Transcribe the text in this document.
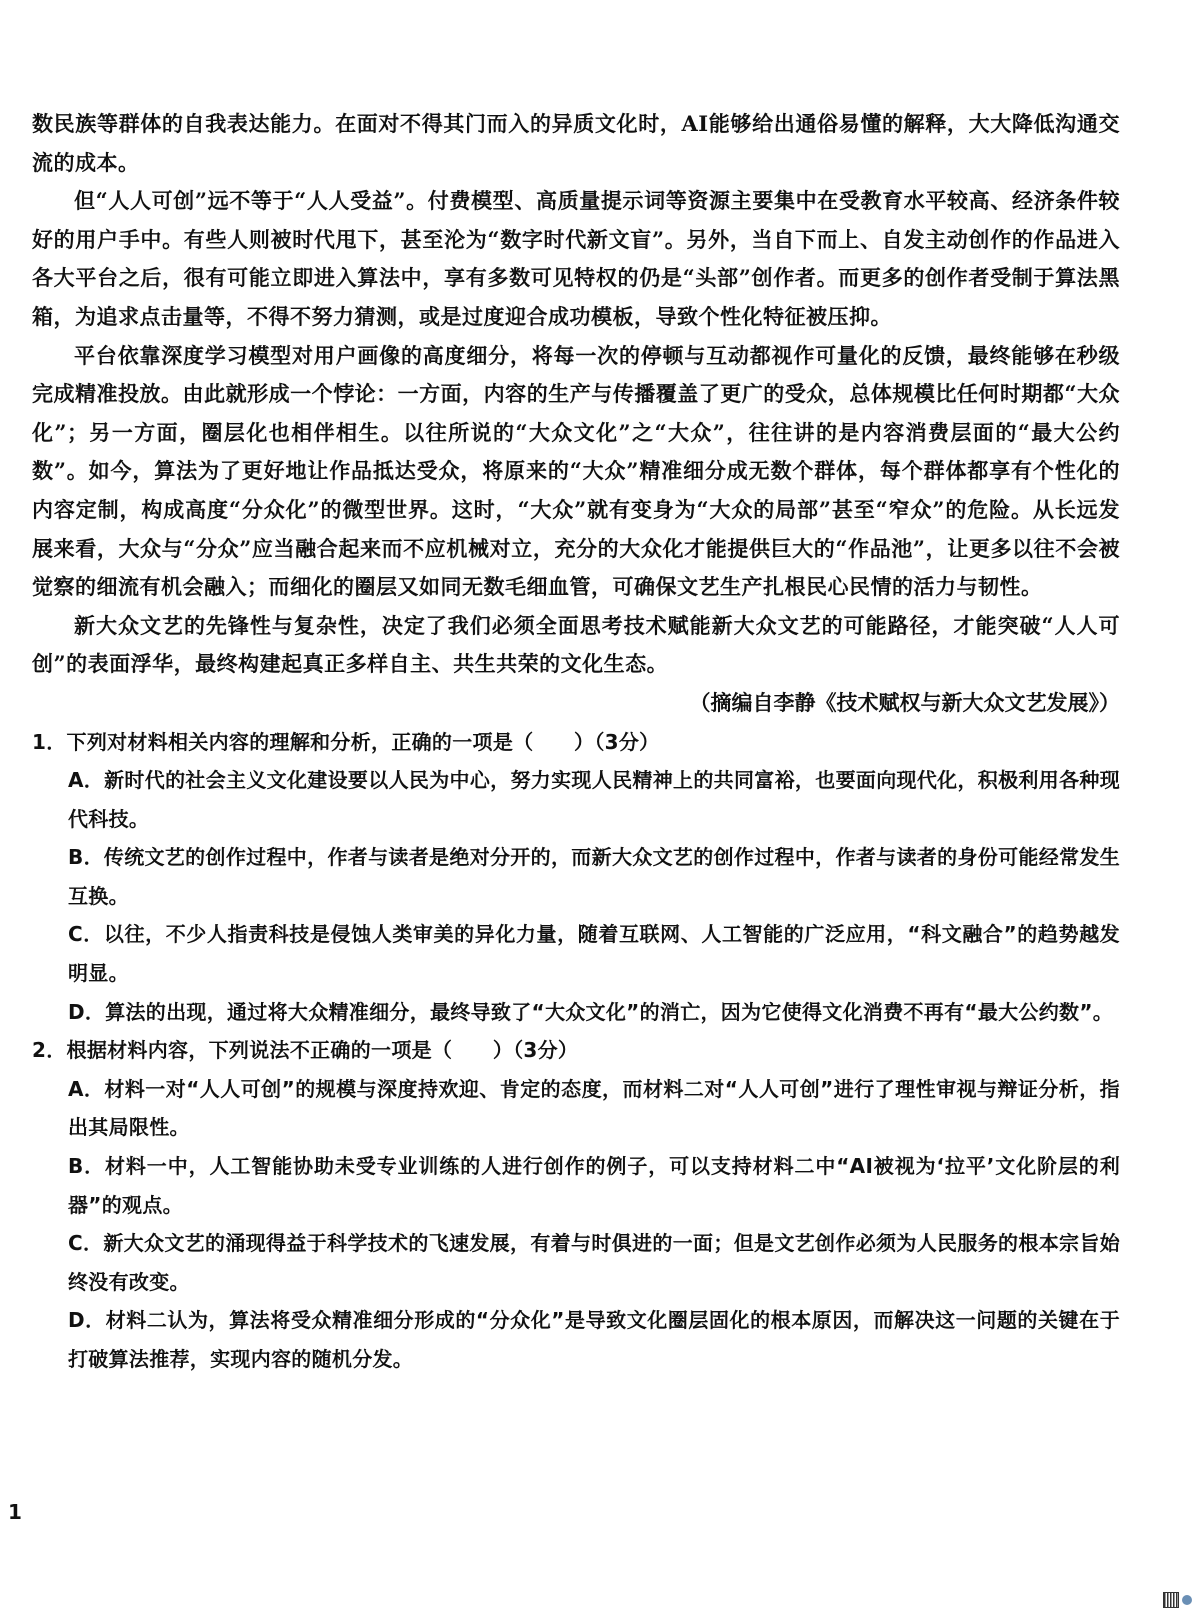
数民族等群体的自我表达能力。在面对不得其门而入的异质文化时，AI能够给出通俗易懂的解释，大大降低沟通交流的成本。

但“人人可创”远不等于“人人受益”。付费模型、高质量提示词等资源主要集中在受教育水平较高、经济条件较好的用户手中。有些人则被时代甩下，甚至沦为“数字时代新文盲”。另外，当自下而上、自发主动创作的作品进入各大平台之后，很有可能立即进入算法中，享有多数可见特权的仍是“头部”创作者。而更多的创作者受制于算法黑箱，为追求点击量等，不得不努力猜测，或是过度迎合成功模板，导致个性化特征被压抑。

平台依靠深度学习模型对用户画像的高度细分，将每一次的停顿与互动都视作可量化的反馈，最终能够在秒级完成精准投放。由此就形成一个悖论：一方面，内容的生产与传播覆盖了更广的受众，总体规模比任何时期都“大众化”；另一方面，圈层化也相伴相生。以往所说的“大众文化”之“大众”，往往讲的是内容消费层面的“最大公约数”。如今，算法为了更好地让作品抵达受众，将原来的“大众”精准细分成无数个群体，每个群体都享有个性化的内容定制，构成高度“分众化”的微型世界。这时，“大众”就有变身为“大众的局部”甚至“窄众”的危险。从长远发展来看，大众与“分众”应当融合起来而不应机械对立，充分的大众化才能提供巨大的“作品池”，让更多以往不会被觉察的细流有机会融入；而细化的圈层又如同无数毛细血管，可确保文艺生产扎根民心民情的活力与韧性。

新大众文艺的先锋性与复杂性，决定了我们必须全面思考技术赋能新大众文艺的可能路径，才能突破“人人可创”的表面浮华，最终构建起真正多样自主、共生共荣的文化生态。

（摘编自李静《技术赋权与新大众文艺发展》）

1．下列对材料相关内容的理解和分析，正确的一项是（　　）（3分）

A．新时代的社会主义文化建设要以人民为中心，努力实现人民精神上的共同富裕，也要面向现代化，积极利用各种现代科技。

B．传统文艺的创作过程中，作者与读者是绝对分开的，而新大众文艺的创作过程中，作者与读者的身份可能经常发生互换。

C．以往，不少人指责科技是侵蚀人类审美的异化力量，随着互联网、人工智能的广泛应用，“科文融合”的趋势越发明显。

D．算法的出现，通过将大众精准细分，最终导致了“大众文化”的消亡，因为它使得文化消费不再有“最大公约数”。

2．根据材料内容，下列说法不正确的一项是（　　）（3分）

A．材料一对“人人可创”的规模与深度持欢迎、肯定的态度，而材料二对“人人可创”进行了理性审视与辩证分析，指出其局限性。

B．材料一中，人工智能协助未受专业训练的人进行创作的例子，可以支持材料二中“AI被视为‘拉平’文化阶层的利器”的观点。

C．新大众文艺的涌现得益于科学技术的飞速发展，有着与时俱进的一面；但是文艺创作必须为人民服务的根本宗旨始终没有改变。

D．材料二认为，算法将受众精准细分形成的“分众化”是导致文化圈层固化的根本原因，而解决这一问题的关键在于打破算法推荐，实现内容的随机分发。

1
